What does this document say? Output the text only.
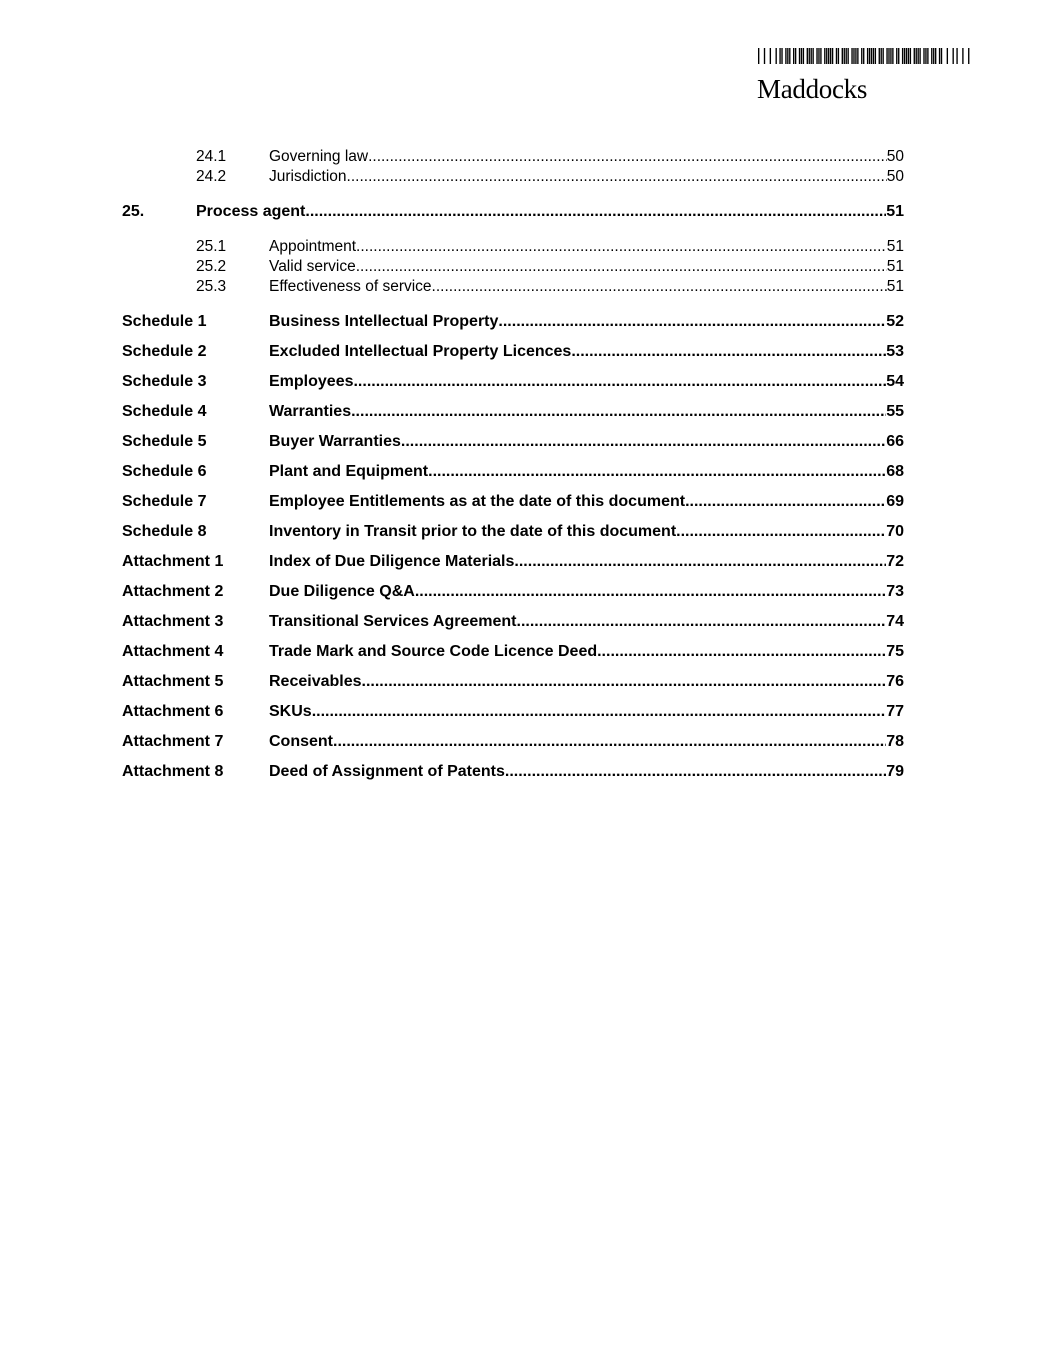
Maddocks
24.1	Governing law .....	50
24.2	Jurisdiction .....	50
25.	Process agent .....	51
25.1	Appointment .....	51
25.2	Valid service .....	51
25.3	Effectiveness of service .....	51
Schedule 1	Business Intellectual Property .....	52
Schedule 2	Excluded Intellectual Property Licences .....	53
Schedule 3	Employees .....	54
Schedule 4	Warranties .....	55
Schedule 5	Buyer Warranties .....	66
Schedule 6	Plant and Equipment .....	68
Schedule 7	Employee Entitlements as at the date of this document .....	69
Schedule 8	Inventory in Transit prior to the date of this document .....	70
Attachment 1	Index of Due Diligence Materials .....	72
Attachment 2	Due Diligence Q&A .....	73
Attachment 3	Transitional Services Agreement .....	74
Attachment 4	Trade Mark and Source Code Licence Deed .....	75
Attachment 5	Receivables .....	76
Attachment 6	SKUs .....	77
Attachment 7	Consent .....	78
Attachment 8	Deed of Assignment of Patents .....	79
